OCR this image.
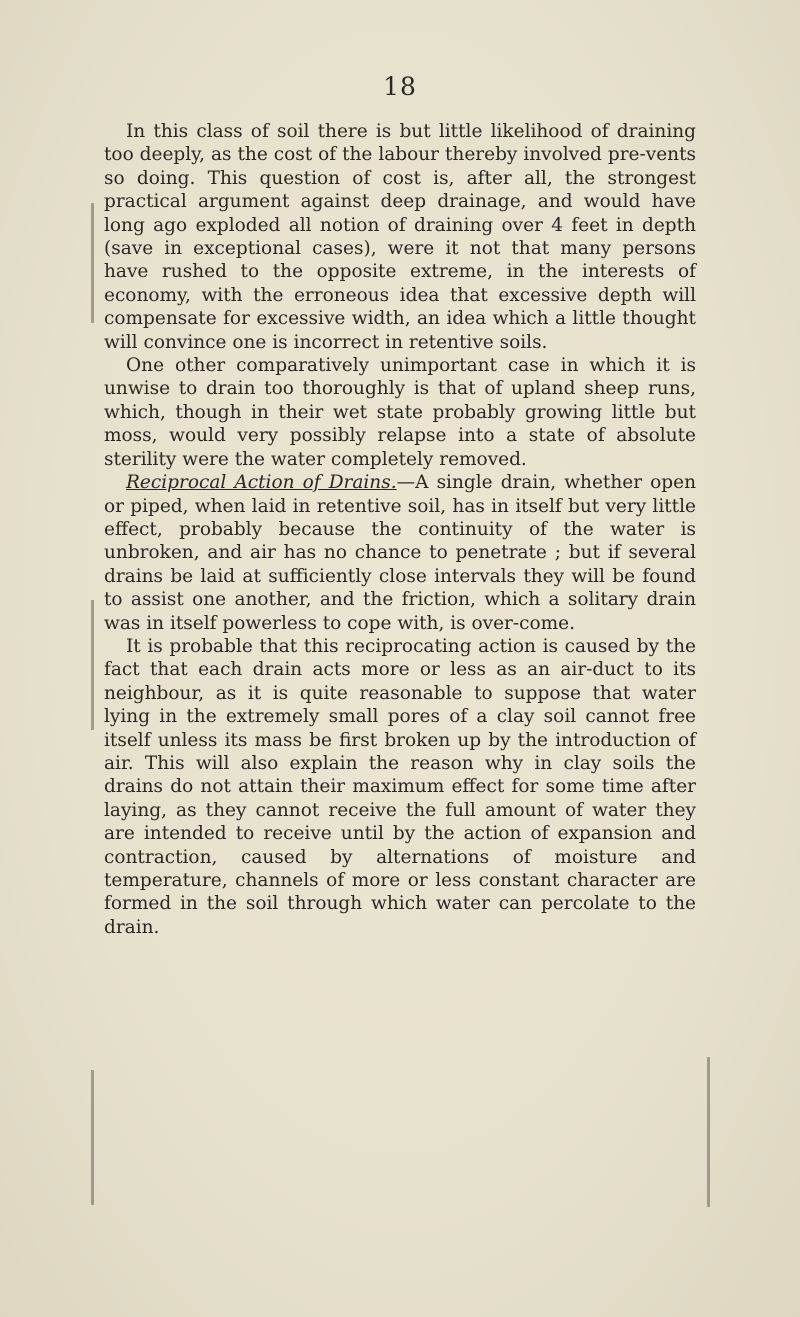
18

In this class of soil there is but little likelihood of draining too deeply, as the cost of the labour thereby involved pre-vents so doing. This question of cost is, after all, the strongest practical argument against deep drainage, and would have long ago exploded all notion of draining over 4 feet in depth (save in exceptional cases), were it not that many persons have rushed to the opposite extreme, in the interests of economy, with the erroneous idea that excessive depth will compensate for excessive width, an idea which a little thought will convince one is incorrect in retentive soils.

One other comparatively unimportant case in which it is unwise to drain too thoroughly is that of upland sheep runs, which, though in their wet state probably growing little but moss, would very possibly relapse into a state of absolute sterility were the water completely removed.

Reciprocal Action of Drains.—A single drain, whether open or piped, when laid in retentive soil, has in itself but very little effect, probably because the continuity of the water is unbroken, and air has no chance to penetrate ; but if several drains be laid at sufficiently close intervals they will be found to assist one another, and the friction, which a solitary drain was in itself powerless to cope with, is over-come.

It is probable that this reciprocating action is caused by the fact that each drain acts more or less as an air-duct to its neighbour, as it is quite reasonable to suppose that water lying in the extremely small pores of a clay soil cannot free itself unless its mass be first broken up by the introduction of air. This will also explain the reason why in clay soils the drains do not attain their maximum effect for some time after laying, as they cannot receive the full amount of water they are intended to receive until by the action of expansion and contraction, caused by alternations of moisture and temperature, channels of more or less constant character are formed in the soil through which water can percolate to the drain.
